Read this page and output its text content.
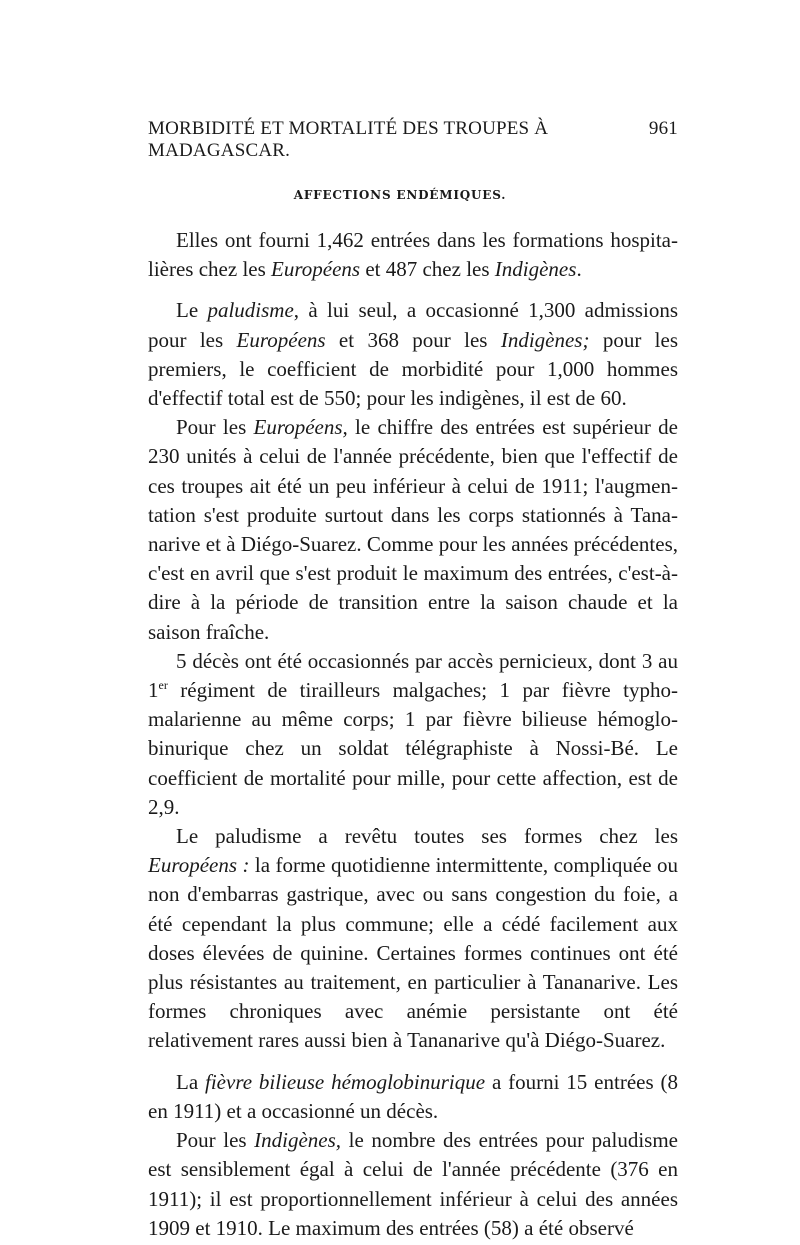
MORBIDITÉ ET MORTALITÉ DES TROUPES À MADAGASCAR.
961
AFFECTIONS ENDÉMIQUES.

Elles ont fourni 1,462 entrées dans les formations hospitalières chez les Européens et 487 chez les Indigènes.

Le paludisme, à lui seul, a occasionné 1,300 admissions pour les Européens et 368 pour les Indigènes; pour les premiers, le coefficient de morbidité pour 1,000 hommes d'effectif total est de 550; pour les indigènes, il est de 60.

Pour les Européens, le chiffre des entrées est supérieur de 230 unités à celui de l'année précédente, bien que l'effectif de ces troupes ait été un peu inférieur à celui de 1911; l'augmentation s'est produite surtout dans les corps stationnés à Tananarive et à Diégo-Suarez. Comme pour les années précédentes, c'est en avril que s'est produit le maximum des entrées, c'est-à-dire à la période de transition entre la saison chaude et la saison fraîche.

5 décès ont été occasionnés par accès pernicieux, dont 3 au 1er régiment de tirailleurs malgaches; 1 par fièvre typhomalarienne au même corps; 1 par fièvre bilieuse hémoglobinurique chez un soldat télégraphiste à Nossi-Bé. Le coefficient de mortalité pour mille, pour cette affection, est de 2,9.

Le paludisme a revêtu toutes ses formes chez les Européens : la forme quotidienne intermittente, compliquée ou non d'embarras gastrique, avec ou sans congestion du foie, a été cependant la plus commune; elle a cédé facilement aux doses élevées de quinine. Certaines formes continues ont été plus résistantes au traitement, en particulier à Tananarive. Les formes chroniques avec anémie persistante ont été relativement rares aussi bien à Tananarive qu'à Diégo-Suarez.

La fièvre bilieuse hémoglobinurique a fourni 15 entrées (8 en 1911) et a occasionné un décès.

Pour les Indigènes, le nombre des entrées pour paludisme est sensiblement égal à celui de l'année précédente (376 en 1911); il est proportionnellement inférieur à celui des années 1909 et 1910. Le maximum des entrées (58) a été observé
